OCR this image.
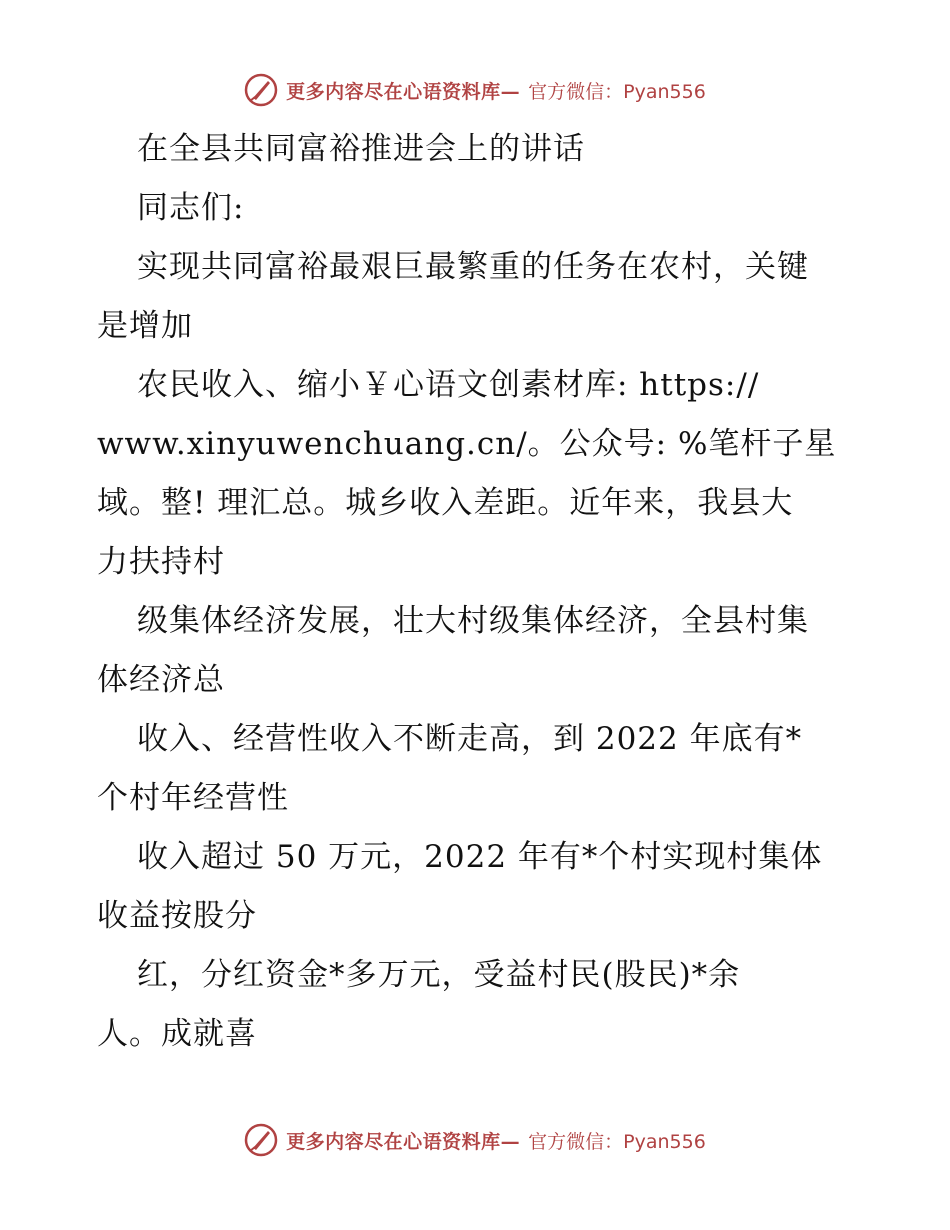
更多内容尽在心语资料库— 官方微信：Pyan556
在全县共同富裕推进会上的讲话
同志们:
实现共同富裕最艰巨最繁重的任务在农村，关键
是增加
农民收入、缩小￥心语文创素材库: https://
www.xinyuwenchuang.cn/。公众号: %笔杆子星
域。整! 理汇总。城乡收入差距。近年来，我县大
力扶持村
级集体经济发展，壮大村级集体经济，全县村集
体经济总
收入、经营性收入不断走高，到 2022 年底有*
个村年经营性
收入超过 50 万元，2022 年有*个村实现村集体
收益按股分
红，分红资金*多万元，受益村民(股民)*余
人。成就喜
更多内容尽在心语资料库— 官方微信：Pyan556
